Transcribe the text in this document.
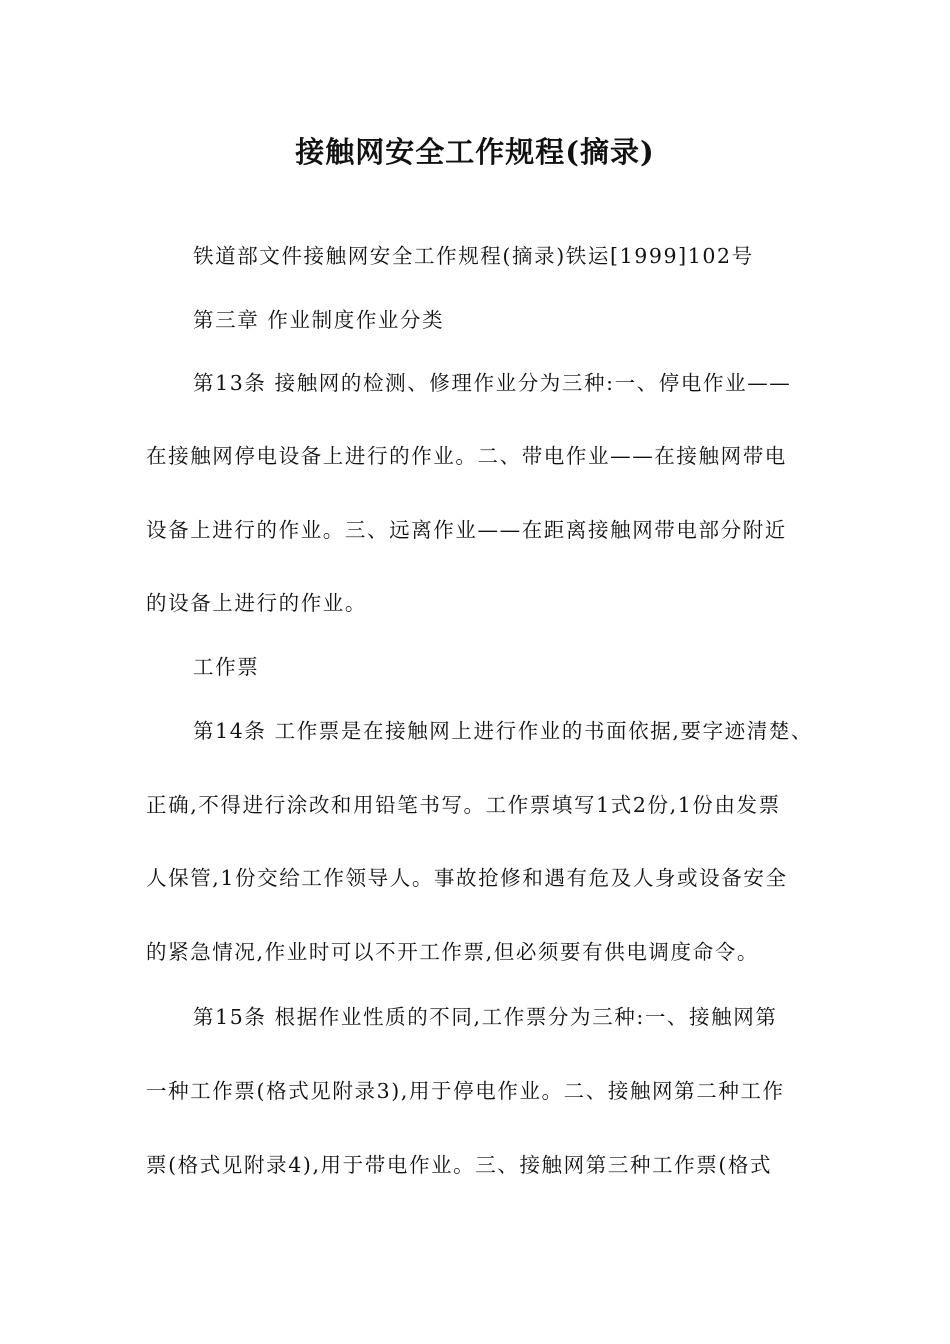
接触网安全工作规程(摘录)
铁道部文件接触网安全工作规程(摘录)铁运[1999]102号
第三章 作业制度作业分类
第13条 接触网的检测、修理作业分为三种:一、停电作业——
在接触网停电设备上进行的作业。二、带电作业——在接触网带电
设备上进行的作业。三、远离作业——在距离接触网带电部分附近
的设备上进行的作业。
工作票
第14条 工作票是在接触网上进行作业的书面依据,要字迹清楚、
正确,不得进行涂改和用铅笔书写。工作票填写1式2份,1份由发票
人保管,1份交给工作领导人。事故抢修和遇有危及人身或设备安全
的紧急情况,作业时可以不开工作票,但必须要有供电调度命令。
第15条 根据作业性质的不同,工作票分为三种:一、接触网第
一种工作票(格式见附录3),用于停电作业。二、接触网第二种工作
票(格式见附录4),用于带电作业。三、接触网第三种工作票(格式
